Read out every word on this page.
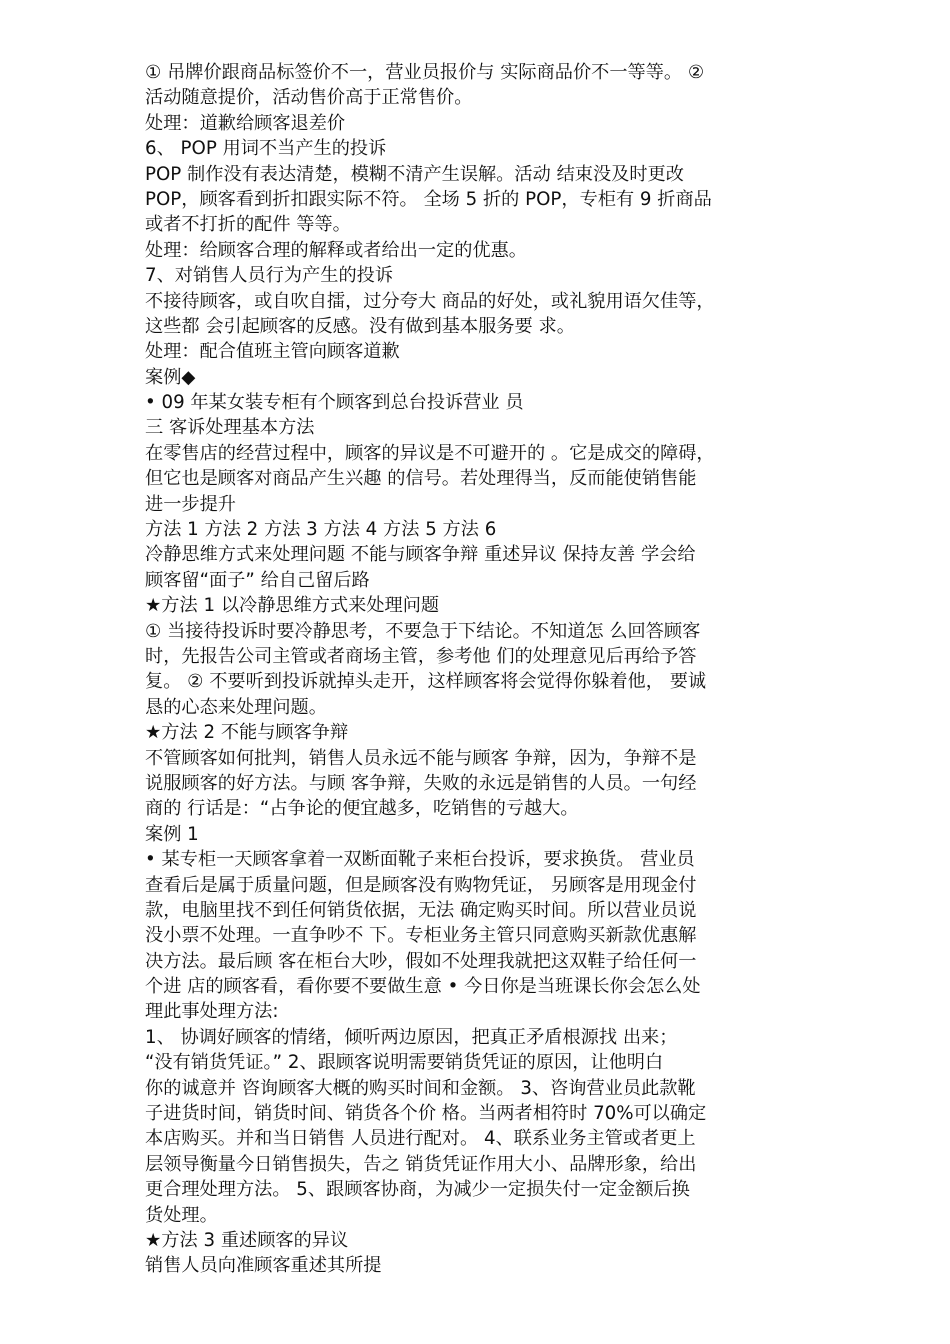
① 吊牌价跟商品标签价不一，营业员报价与 实际商品价不一等等。 ②
活动随意提价，活动售价高于正常售价。
处理：道歉给顾客退差价
6、 POP 用词不当产生的投诉
POP 制作没有表达清楚，模糊不清产生误解。活动 结束没及时更改
POP，顾客看到折扣跟实际不符。 全场 5 折的 POP，专柜有 9 折商品
或者不打折的配件 等等。
处理：给顾客合理的解释或者给出一定的优惠。
7、对销售人员行为产生的投诉
不接待顾客，或自吹自擂，过分夸大 商品的好处，或礼貌用语欠佳等，
这些都 会引起顾客的反感。没有做到基本服务要 求。
处理：配合值班主管向顾客道歉
案例◆
• 09 年某女装专柜有个顾客到总台投诉营业 员
三 客诉处理基本方法
在零售店的经营过程中，顾客的异议是不可避开的 。它是成交的障碍，
但它也是顾客对商品产生兴趣 的信号。若处理得当，反而能使销售能
进一步提升
方法 1 方法 2 方法 3 方法 4 方法 5 方法 6
冷静思维方式来处理问题 不能与顾客争辩 重述异议 保持友善 学会给
顾客留“面子” 给自己留后路
★方法 1 以冷静思维方式来处理问题
① 当接待投诉时要冷静思考，不要急于下结论。不知道怎 么回答顾客
时，先报告公司主管或者商场主管，参考他 们的处理意见后再给予答
复。 ② 不要听到投诉就掉头走开，这样顾客将会觉得你躲着他， 要诚
恳的心态来处理问题。
★方法 2 不能与顾客争辩
不管顾客如何批判，销售人员永远不能与顾客 争辩，因为，争辩不是
说服顾客的好方法。与顾 客争辩，失败的永远是销售的人员。一句经
商的 行话是：“占争论的便宜越多，吃销售的亏越大。
案例 1
• 某专柜一天顾客拿着一双断面靴子来柜台投诉，要求换货。 营业员
查看后是属于质量问题，但是顾客没有购物凭证， 另顾客是用现金付
款，电脑里找不到任何销货依据，无法 确定购买时间。所以营业员说
没小票不处理。一直争吵不 下。专柜业务主管只同意购买新款优惠解
决方法。最后顾 客在柜台大吵，假如不处理我就把这双鞋子给任何一
个进 店的顾客看，看你要不要做生意 • 今日你是当班课长你会怎么处
理此事处理方法:
1、 协调好顾客的情绪，倾听两边原因，把真正矛盾根源找 出来；
“没有销货凭证。” 2、跟顾客说明需要销货凭证的原因，让他明白
你的诚意并 咨询顾客大概的购买时间和金额。 3、咨询营业员此款靴
子进货时间，销货时间、销货各个价 格。当两者相符时 70%可以确定
本店购买。并和当日销售 人员进行配对。 4、联系业务主管或者更上
层领导衡量今日销售损失，告之 销货凭证作用大小、品牌形象，给出
更合理处理方法。 5、跟顾客协商，为减少一定损失付一定金额后换
货处理。
★方法 3 重述顾客的异议
销售人员向准顾客重述其所提
